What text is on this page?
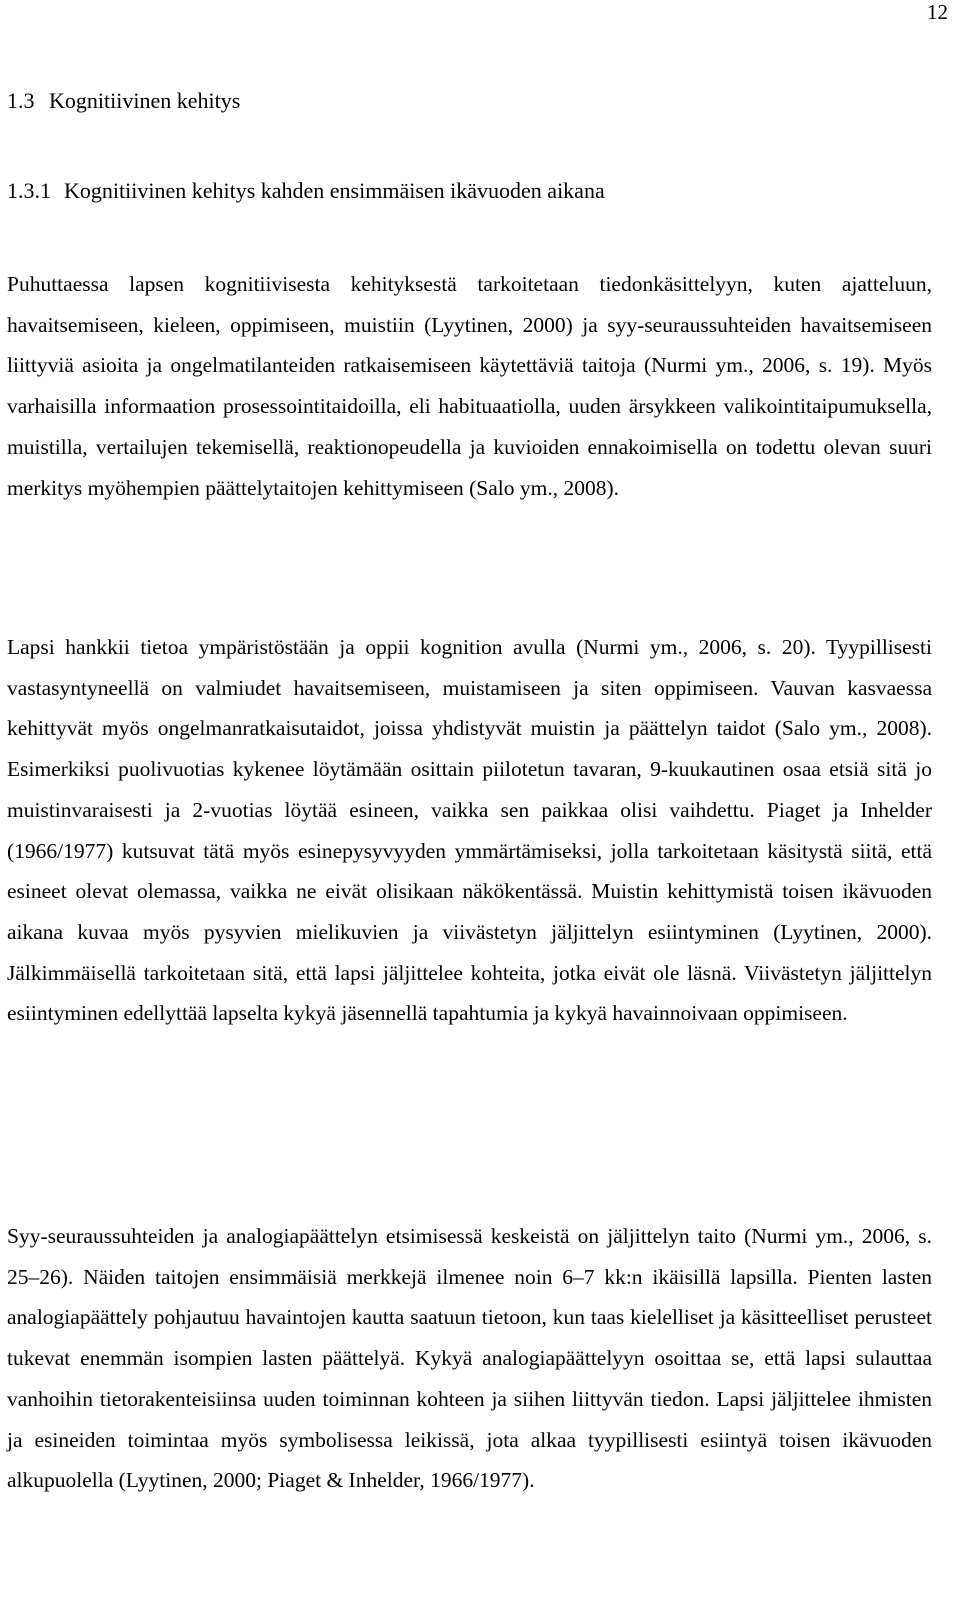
12
1.3 Kognitiivinen kehitys
1.3.1 Kognitiivinen kehitys kahden ensimmäisen ikävuoden aikana

Puhuttaessa lapsen kognitiivisesta kehityksestä tarkoitetaan tiedonkäsittelyyn, kuten ajatteluun, havaitsemiseen, kieleen, oppimiseen, muistiin (Lyytinen, 2000) ja syy-seuraussuhteiden havaitsemiseen liittyviä asioita ja ongelmatilanteiden ratkaisemiseen käytettäviä taitoja (Nurmi ym., 2006, s. 19). Myös varhaisilla informaation prosessointitaidoilla, eli habituaatiolla, uuden ärsykkeen valikointitaipumuksella, muistilla, vertailujen tekemisellä, reaktionopeudella ja kuvioiden ennakoimisella on todettu olevan suuri merkitys myöhempien päättelytaitojen kehittymiseen (Salo ym., 2008).

Lapsi hankkii tietoa ympäristöstään ja oppii kognition avulla (Nurmi ym., 2006, s. 20). Tyypillisesti vastasyntyneellä on valmiudet havaitsemiseen, muistamiseen ja siten oppimiseen. Vauvan kasvaessa kehittyvät myös ongelmanratkaisutaidot, joissa yhdistyvät muistin ja päättelyn taidot (Salo ym., 2008). Esimerkiksi puolivuotias kykenee löytämään osittain piilotetun tavaran, 9-kuukautinen osaa etsiä sitä jo muistinvaraisesti ja 2-vuotias löytää esineen, vaikka sen paikkaa olisi vaihdettu. Piaget ja Inhelder (1966/1977) kutsuvat tätä myös esinepysyvyyden ymmärtämiseksi, jolla tarkoitetaan käsitystä siitä, että esineet olevat olemassa, vaikka ne eivät olisikaan näkökentässä. Muistin kehittymistä toisen ikävuoden aikana kuvaa myös pysyvien mielikuvien ja viivästetyn jäljittelyn esiintyminen (Lyytinen, 2000). Jälkimmäisellä tarkoitetaan sitä, että lapsi jäljittelee kohteita, jotka eivät ole läsnä. Viivästetyn jäljittelyn esiintyminen edellyttää lapselta kykyä jäsennellä tapahtumia ja kykyä havainnoivaan oppimiseen.

Syy-seuraussuhteiden ja analogiapäättelyn etsimisessä keskeistä on jäljittelyn taito (Nurmi ym., 2006, s. 25–26). Näiden taitojen ensimmäisiä merkkejä ilmenee noin 6–7 kk:n ikäisillä lapsilla. Pienten lasten analogiapäättely pohjautuu havaintojen kautta saatuun tietoon, kun taas kielelliset ja käsitteelliset perusteet tukevat enemmän isompien lasten päättelyä. Kykyä analogiapäättelyyn osoittaa se, että lapsi sulauttaa vanhoihin tietorakenteisiinsa uuden toiminnan kohteen ja siihen liittyvän tiedon. Lapsi jäljittelee ihmisten ja esineiden toimintaa myös symbolisessa leikissä, jota alkaa tyypillisesti esiintyä toisen ikävuoden alkupuolella (Lyytinen, 2000; Piaget & Inhelder, 1966/1977).
